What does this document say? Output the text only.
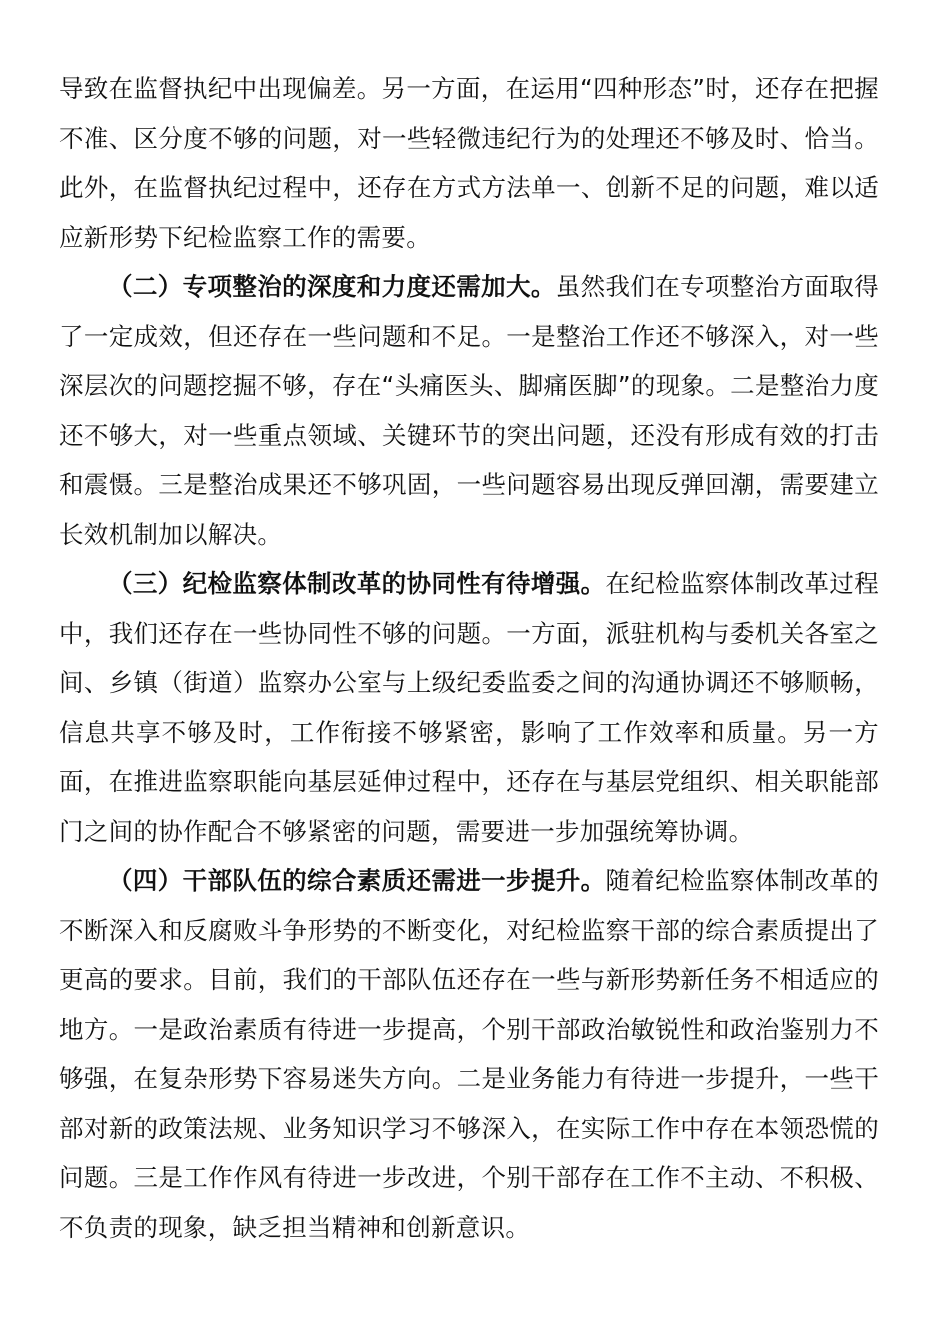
导致在监督执纪中出现偏差。另一方面，在运用“四种形态”时，还存在把握不准、区分度不够的问题，对一些轻微违纪行为的处理还不够及时、恰当。此外，在监督执纪过程中，还存在方式方法单一、创新不足的问题，难以适应新形势下纪检监察工作的需要。

（二）专项整治的深度和力度还需加大。虽然我们在专项整治方面取得了一定成效，但还存在一些问题和不足。一是整治工作还不够深入，对一些深层次的问题挖掘不够，存在“头痛医头、脚痛医脚”的现象。二是整治力度还不够大，对一些重点领域、关键环节的突出问题，还没有形成有效的打击和震慑。三是整治成果还不够巩固，一些问题容易出现反弹回潮，需要建立长效机制加以解决。

（三）纪检监察体制改革的协同性有待增强。在纪检监察体制改革过程中，我们还存在一些协同性不够的问题。一方面，派驻机构与委机关各室之间、乡镇（街道）监察办公室与上级纪委监委之间的沟通协调还不够顺畅，信息共享不够及时，工作衔接不够紧密，影响了工作效率和质量。另一方面，在推进监察职能向基层延伸过程中，还存在与基层党组织、相关职能部门之间的协作配合不够紧密的问题，需要进一步加强统筹协调。

（四）干部队伍的综合素质还需进一步提升。随着纪检监察体制改革的不断深入和反腐败斗争形势的不断变化，对纪检监察干部的综合素质提出了更高的要求。目前，我们的干部队伍还存在一些与新形势新任务不相适应的地方。一是政治素质有待进一步提高，个别干部政治敏锐性和政治鉴别力不够强，在复杂形势下容易迷失方向。二是业务能力有待进一步提升，一些干部对新的政策法规、业务知识学习不够深入，在实际工作中存在本领恐慌的问题。三是工作作风有待进一步改进，个别干部存在工作不主动、不积极、不负责的现象，缺乏担当精神和创新意识。
